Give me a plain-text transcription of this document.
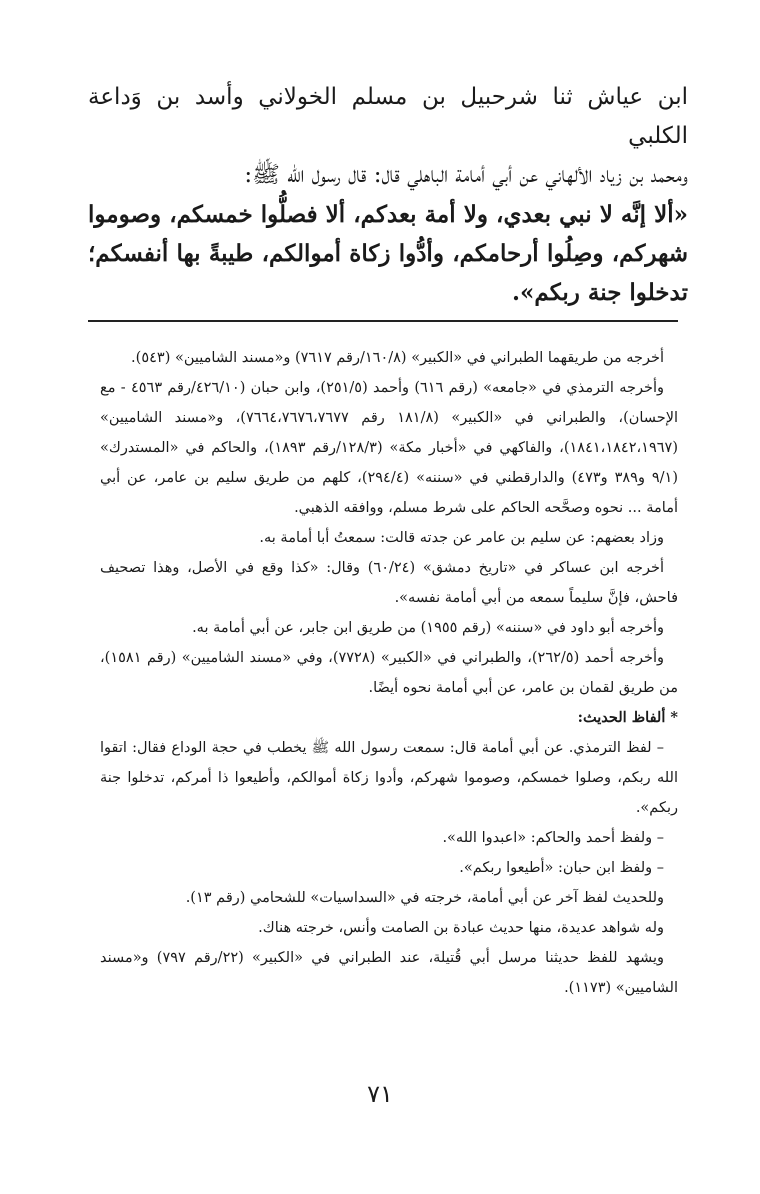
ابن عياش ثنا شرحبيل بن مسلم الخولاني وأسد بن وَداعة الكلبي

ومحمد بن زياد الألهاني عن أبي أمامة الباهلي قال: قال رسول الله ﷺ:

«ألا إنَّه لا نبي بعدي، ولا أمة بعدكم، ألا فصلُّوا خمسكم، وصوموا شهركم، وصِلُوا أرحامكم، وأدُّوا زكاة أموالكم، طيبةً بها أنفسكم؛ تدخلوا جنة ربكم».

أخرجه من طريقهما الطبراني في «الكبير» (١٦٠/٨/رقم ٧٦١٧) و«مسند الشاميين» (٥٤٣).

وأخرجه الترمذي في «جامعه» (رقم ٦١٦) وأحمد (٢٥١/٥)، وابن حبان (٤٢٦/١٠/رقم ٤٥٦٣ - مع الإحسان)، والطبراني في «الكبير» (١٨١/٨ رقم ٧٦٦٤،٧٦٧٦،٧٦٧٧)، و«مسند الشاميين» (١٨٤١،١٨٤٢،١٩٦٧)، والفاكهي في «أخبار مكة» (١٢٨/٣/رقم ١٨٩٣)، والحاكم في «المستدرك» (٩/١ و٣٨٩ و٤٧٣) والدارقطني في «سننه» (٢٩٤/٤)، كلهم من طريق سليم بن عامر، عن أبي أمامة ... نحوه وصحَّحه الحاكم على شرط مسلم، ووافقه الذهبي.

وزاد بعضهم: عن سليم بن عامر عن جدته قالت: سمعتُ أبا أمامة به.

أخرجه ابن عساكر في «تاريخ دمشق» (٦٠/٢٤) وقال: «كذا وقع في الأصل، وهذا تصحيف فاحش، فإنَّ سليماً سمعه من أبي أمامة نفسه».

وأخرجه أبو داود في «سننه» (رقم ١٩٥٥) من طريق ابن جابر، عن أبي أمامة به.

وأخرجه أحمد (٢٦٢/٥)، والطبراني في «الكبير» (٧٧٢٨)، وفي «مسند الشاميين» (رقم ١٥٨١)، من طريق لقمان بن عامر، عن أبي أمامة نحوه أيضًا.

* ألفاظ الحديث:

– لفظ الترمذي. عن أبي أمامة قال: سمعت رسول الله ﷺ يخطب في حجة الوداع فقال: اتقوا الله ربكم، وصلوا خمسكم، وصوموا شهركم، وأدوا زكاة أموالكم، وأطيعوا ذا أمركم، تدخلوا جنة ربكم».

– ولفظ أحمد والحاكم: «اعبدوا الله».

– ولفظ ابن حبان: «أطيعوا ربكم».

وللحديث لفظ آخر عن أبي أمامة، خرجته في «السداسيات» للشحامي (رقم ١٣).

وله شواهد عديدة، منها حديث عبادة بن الصامت وأنس، خرجته هناك.

ويشهد للفظ حديثنا مرسل أبي قُتيلة، عند الطبراني في «الكبير» (٢٢/رقم ٧٩٧) و«مسند الشاميين» (١١٧٣).

٧١
